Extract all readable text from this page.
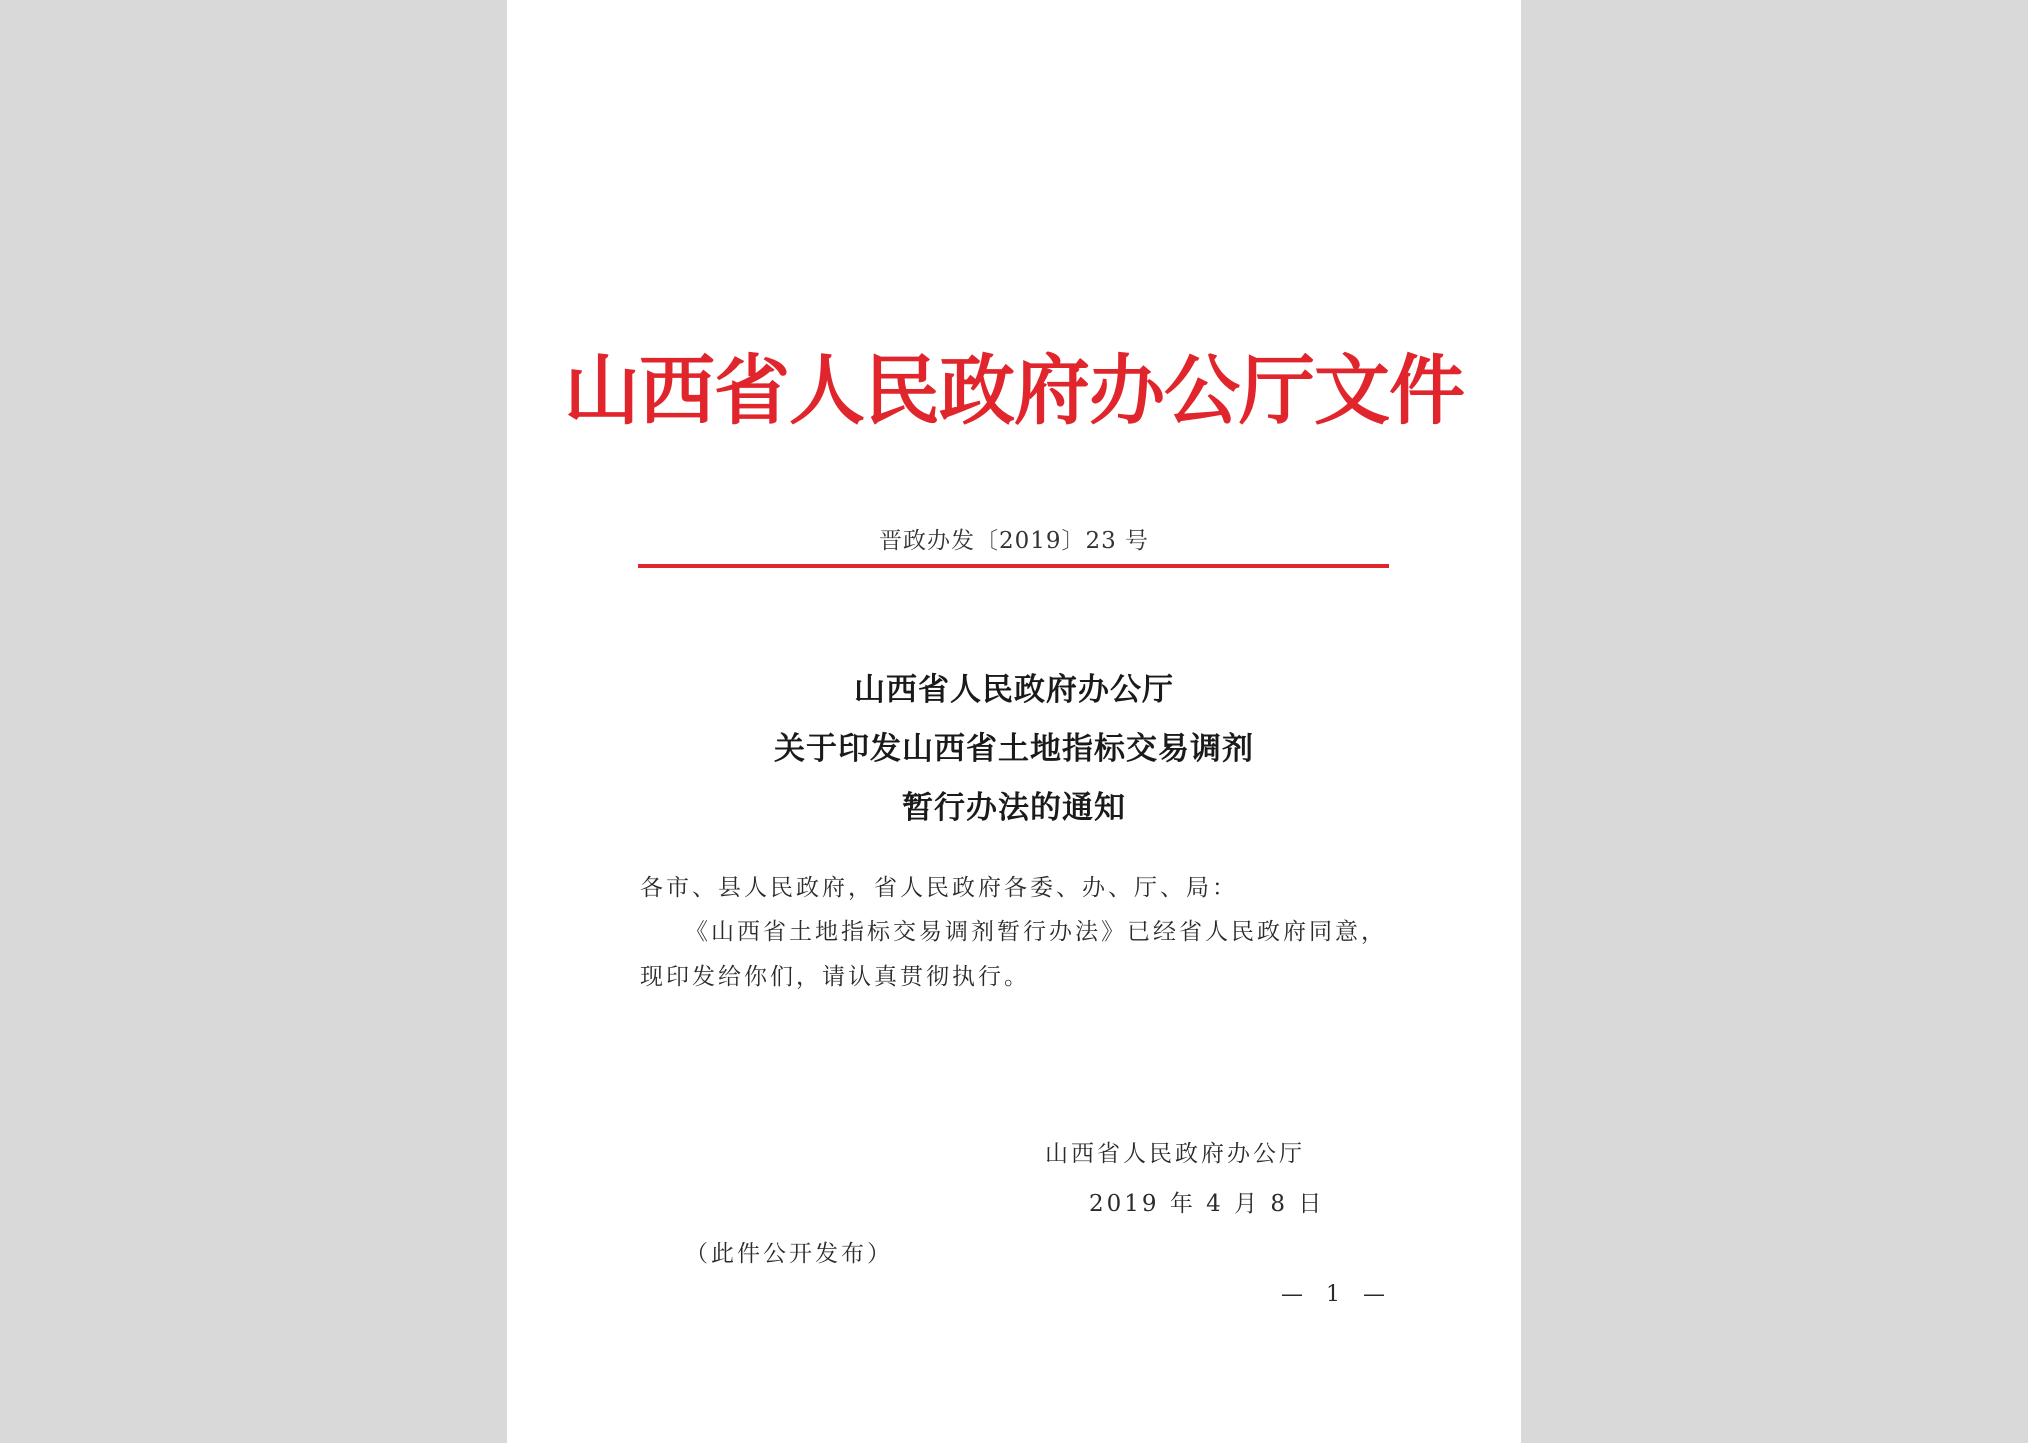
山西省人民政府办公厅文件
晋政办发〔2019〕23 号
山西省人民政府办公厅
关于印发山西省土地指标交易调剂
暂行办法的通知
各市、县人民政府，省人民政府各委、办、厅、局：
《山西省土地指标交易调剂暂行办法》已经省人民政府同意，
现印发给你们，请认真贯彻执行。
山西省人民政府办公厅
2019 年 4 月 8 日
（此件公开发布）
— 1 —
